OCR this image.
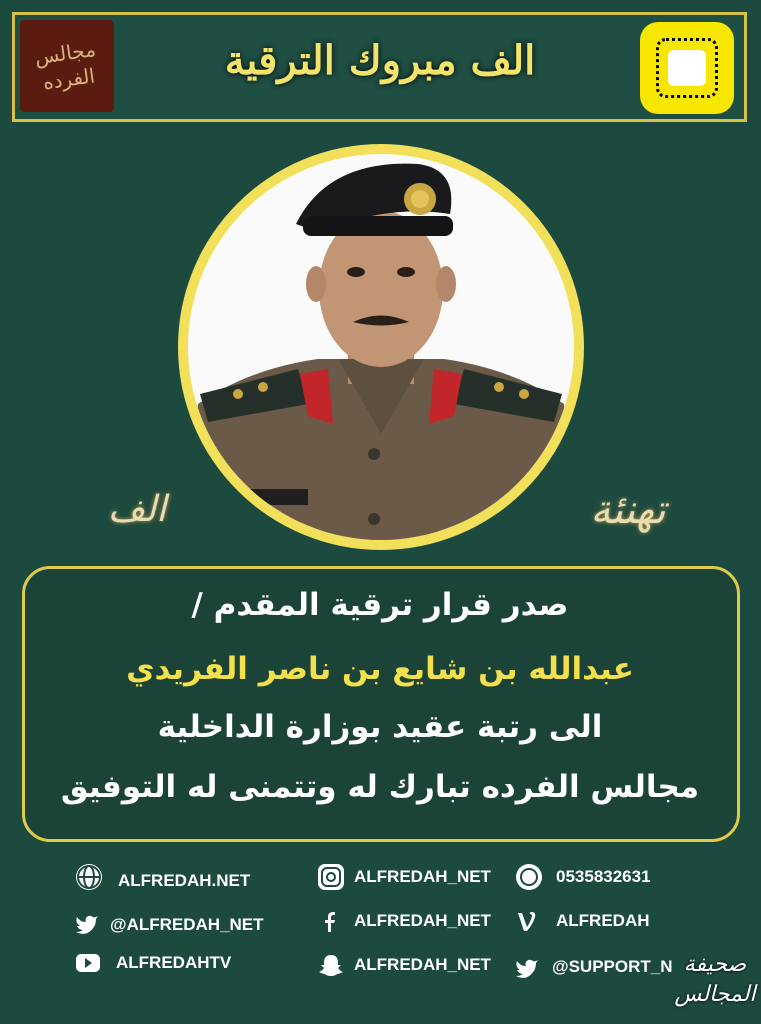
مجالس الفرده	الف مبروك الترقية
الف	تهنئة
صدر قرار ترقية المقدم /
عبدالله بن شايع بن ناصر الفريدي
الى رتبة عقيد بوزارة الداخلية
مجالس الفرده تبارك له وتتمنى له التوفيق
ALFREDAH.NET	ALFREDAH_NET	0535832631
@ALFREDAH_NET	ALFREDAH_NET	ALFREDAH
ALFREDAHTV	ALFREDAH_NET	@SUPPORT_N صحيفة المجالس
